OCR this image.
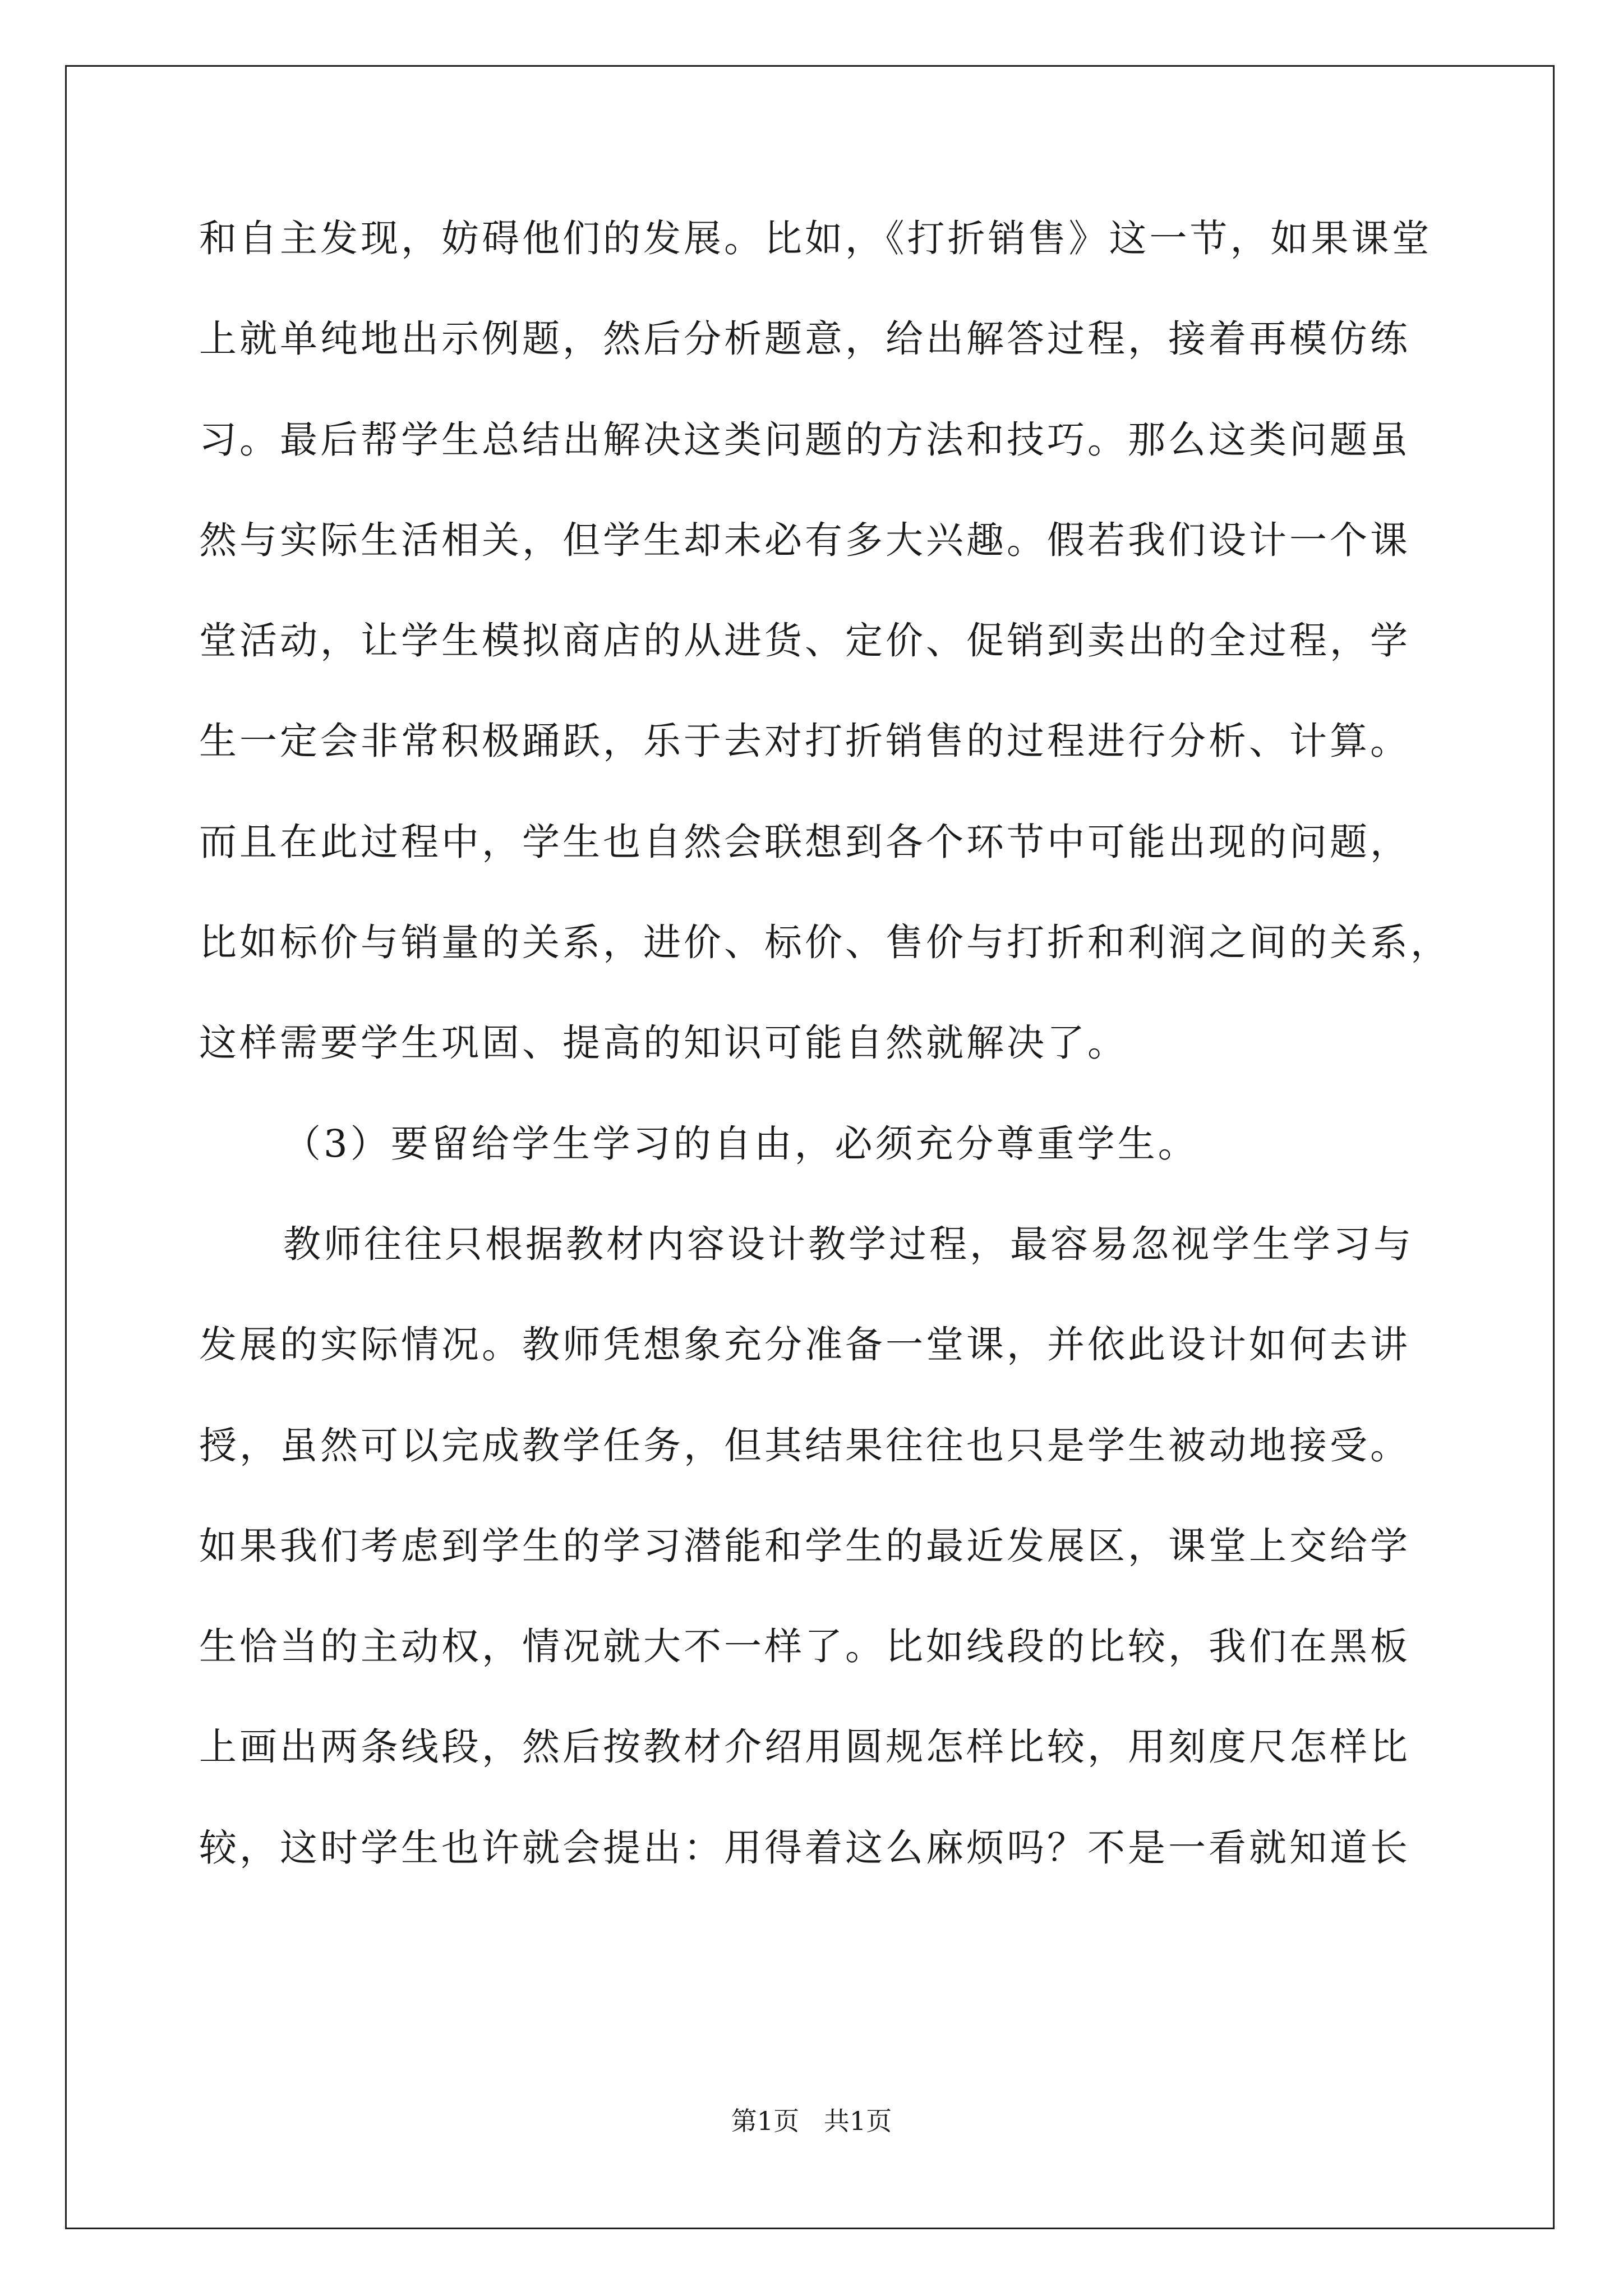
和自主发现，妨碍他们的发展。比如，《打折销售》这一节，如果课堂
上就单纯地出示例题，然后分析题意，给出解答过程，接着再模仿练
习。最后帮学生总结出解决这类问题的方法和技巧。那么这类问题虽
然与实际生活相关，但学生却未必有多大兴趣。假若我们设计一个课
堂活动，让学生模拟商店的从进货、定价、促销到卖出的全过程，学
生一定会非常积极踊跃，乐于去对打折销售的过程进行分析、计算。
而且在此过程中，学生也自然会联想到各个环节中可能出现的问题，
比如标价与销量的关系，进价、标价、售价与打折和利润之间的关系，
这样需要学生巩固、提高的知识可能自然就解决了。
（3）要留给学生学习的自由，必须充分尊重学生。
教师往往只根据教材内容设计教学过程，最容易忽视学生学习与
发展的实际情况。教师凭想象充分准备一堂课，并依此设计如何去讲
授，虽然可以完成教学任务，但其结果往往也只是学生被动地接受。
如果我们考虑到学生的学习潜能和学生的最近发展区，课堂上交给学
生恰当的主动权，情况就大不一样了。比如线段的比较，我们在黑板
上画出两条线段，然后按教材介绍用圆规怎样比较，用刻度尺怎样比
较，这时学生也许就会提出：用得着这么麻烦吗？不是一看就知道长
第1页   共1页
